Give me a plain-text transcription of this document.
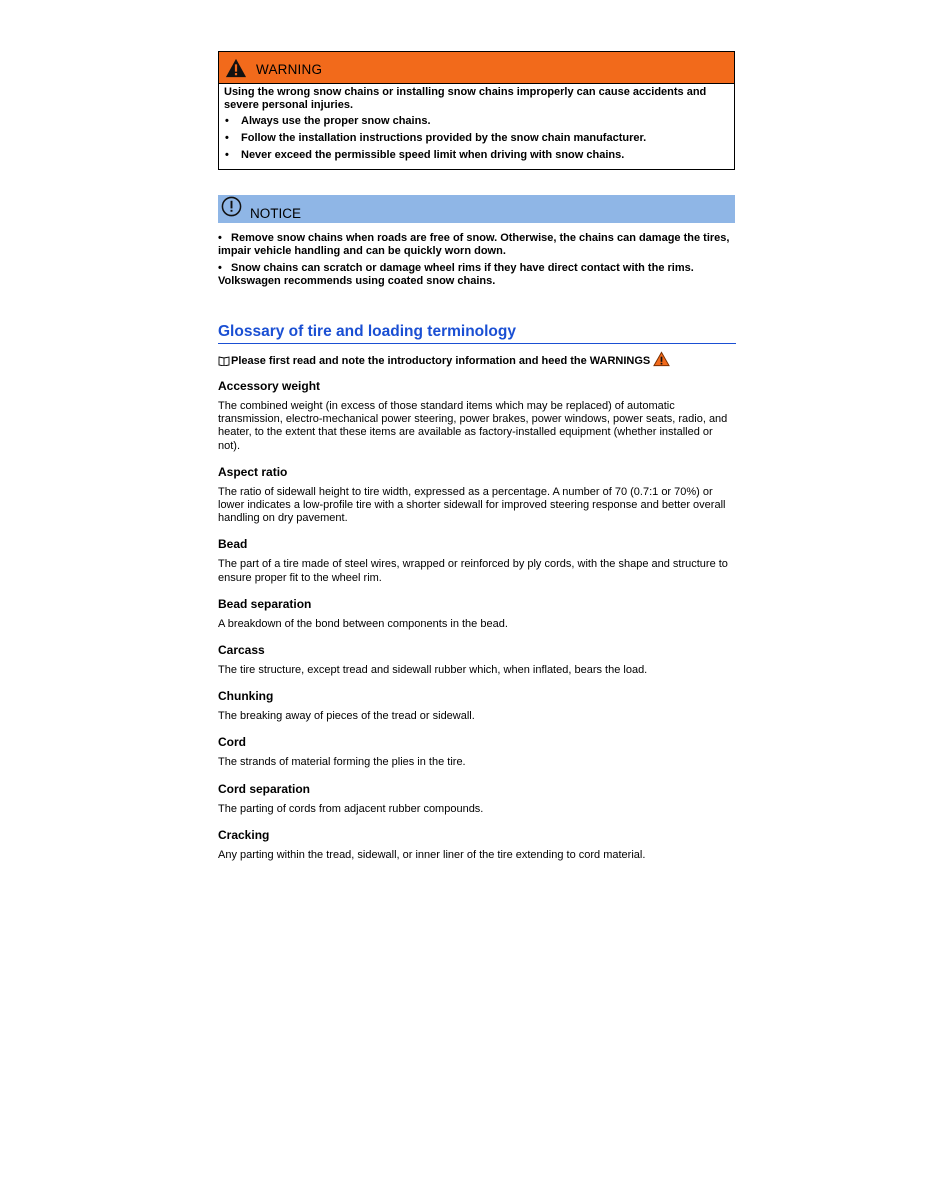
WARNING

Using the wrong snow chains or installing snow chains improperly can cause accidents and severe personal injuries.

• Always use the proper snow chains.
• Follow the installation instructions provided by the snow chain manufacturer.
• Never exceed the permissible speed limit when driving with snow chains.
NOTICE

•   Remove snow chains when roads are free of snow. Otherwise, the chains can damage the tires, impair vehicle handling and can be quickly worn down.

•   Snow chains can scratch or damage wheel rims if they have direct contact with the rims. Volkswagen recommends using coated snow chains.

Glossary of tire and loading terminology
Please first read and note the introductory information and heed the WARNINGS

Accessory weight

The combined weight (in excess of those standard items which may be replaced) of automatic transmission, electro-mechanical power steering, power brakes, power windows, power seats, radio, and heater, to the extent that these items are available as factory-installed equipment (whether installed or not).

Aspect ratio

The ratio of sidewall height to tire width, expressed as a percentage. A number of 70 (0.7:1 or 70%) or lower indicates a low-profile tire with a shorter sidewall for improved steering response and better overall handling on dry pavement.

Bead

The part of a tire made of steel wires, wrapped or reinforced by ply cords, with the shape and structure to ensure proper fit to the wheel rim.

Bead separation

A breakdown of the bond between components in the bead.

Carcass

The tire structure, except tread and sidewall rubber which, when inflated, bears the load.

Chunking

The breaking away of pieces of the tread or sidewall.

Cord

The strands of material forming the plies in the tire.

Cord separation

The parting of cords from adjacent rubber compounds.

Cracking

Any parting within the tread, sidewall, or inner liner of the tire extending to cord material.
